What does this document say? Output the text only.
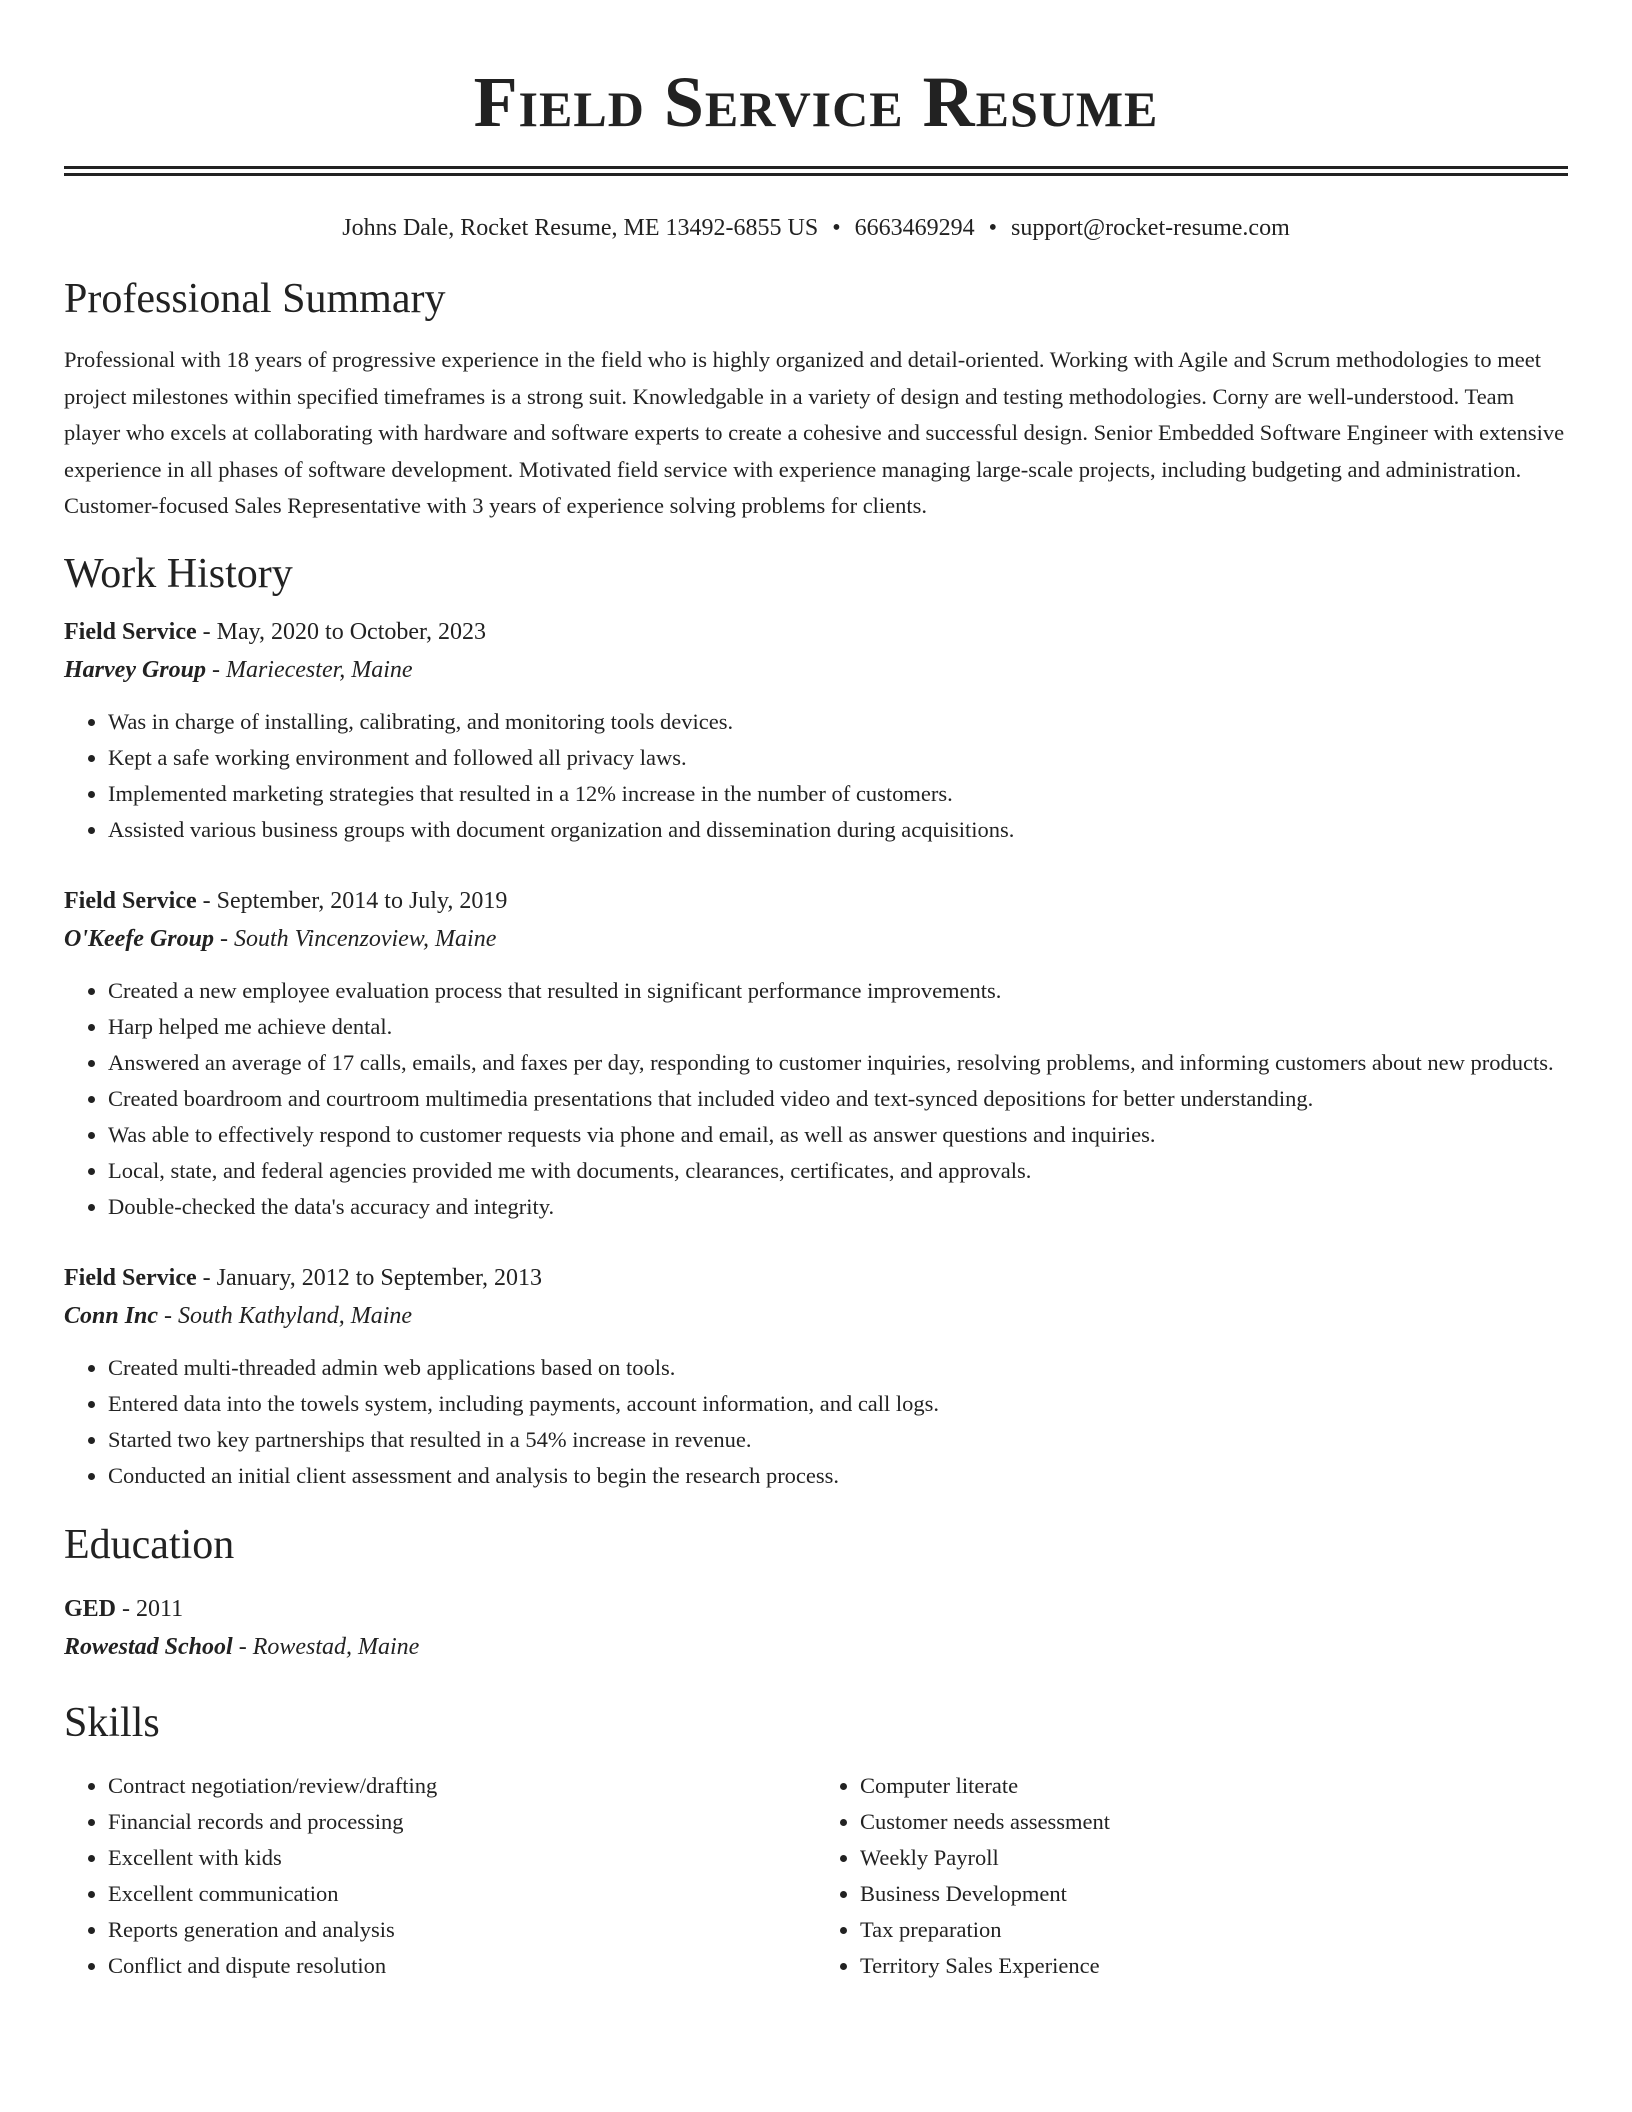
Field Service Resume
Johns Dale, Rocket Resume, ME 13492-6855 US • 6663469294 • support@rocket-resume.com
Professional Summary

Professional with 18 years of progressive experience in the field who is highly organized and detail-oriented. Working with Agile and Scrum methodologies to meet project milestones within specified timeframes is a strong suit. Knowledgable in a variety of design and testing methodologies. Corny are well-understood. Team player who excels at collaborating with hardware and software experts to create a cohesive and successful design. Senior Embedded Software Engineer with extensive experience in all phases of software development. Motivated field service with experience managing large-scale projects, including budgeting and administration. Customer-focused Sales Representative with 3 years of experience solving problems for clients.

Work History
Field Service - May, 2020 to October, 2023
Harvey Group - Mariecester, Maine
• Was in charge of installing, calibrating, and monitoring tools devices.
• Kept a safe working environment and followed all privacy laws.
• Implemented marketing strategies that resulted in a 12% increase in the number of customers.
• Assisted various business groups with document organization and dissemination during acquisitions.
Field Service - September, 2014 to July, 2019
O'Keefe Group - South Vincenzoview, Maine
• Created a new employee evaluation process that resulted in significant performance improvements.
• Harp helped me achieve dental.
• Answered an average of 17 calls, emails, and faxes per day, responding to customer inquiries, resolving problems, and informing customers about new products.
• Created boardroom and courtroom multimedia presentations that included video and text-synced depositions for better understanding.
• Was able to effectively respond to customer requests via phone and email, as well as answer questions and inquiries.
• Local, state, and federal agencies provided me with documents, clearances, certificates, and approvals.
• Double-checked the data's accuracy and integrity.
Field Service - January, 2012 to September, 2013
Conn Inc - South Kathyland, Maine
• Created multi-threaded admin web applications based on tools.
• Entered data into the towels system, including payments, account information, and call logs.
• Started two key partnerships that resulted in a 54% increase in revenue.
• Conducted an initial client assessment and analysis to begin the research process.
Education
GED - 2011
Rowestad School - Rowestad, Maine
Skills
• Contract negotiation/review/drafting
• Financial records and processing
• Excellent with kids
• Excellent communication
• Reports generation and analysis
• Conflict and dispute resolution
• Computer literate
• Customer needs assessment
• Weekly Payroll
• Business Development
• Tax preparation
• Territory Sales Experience
